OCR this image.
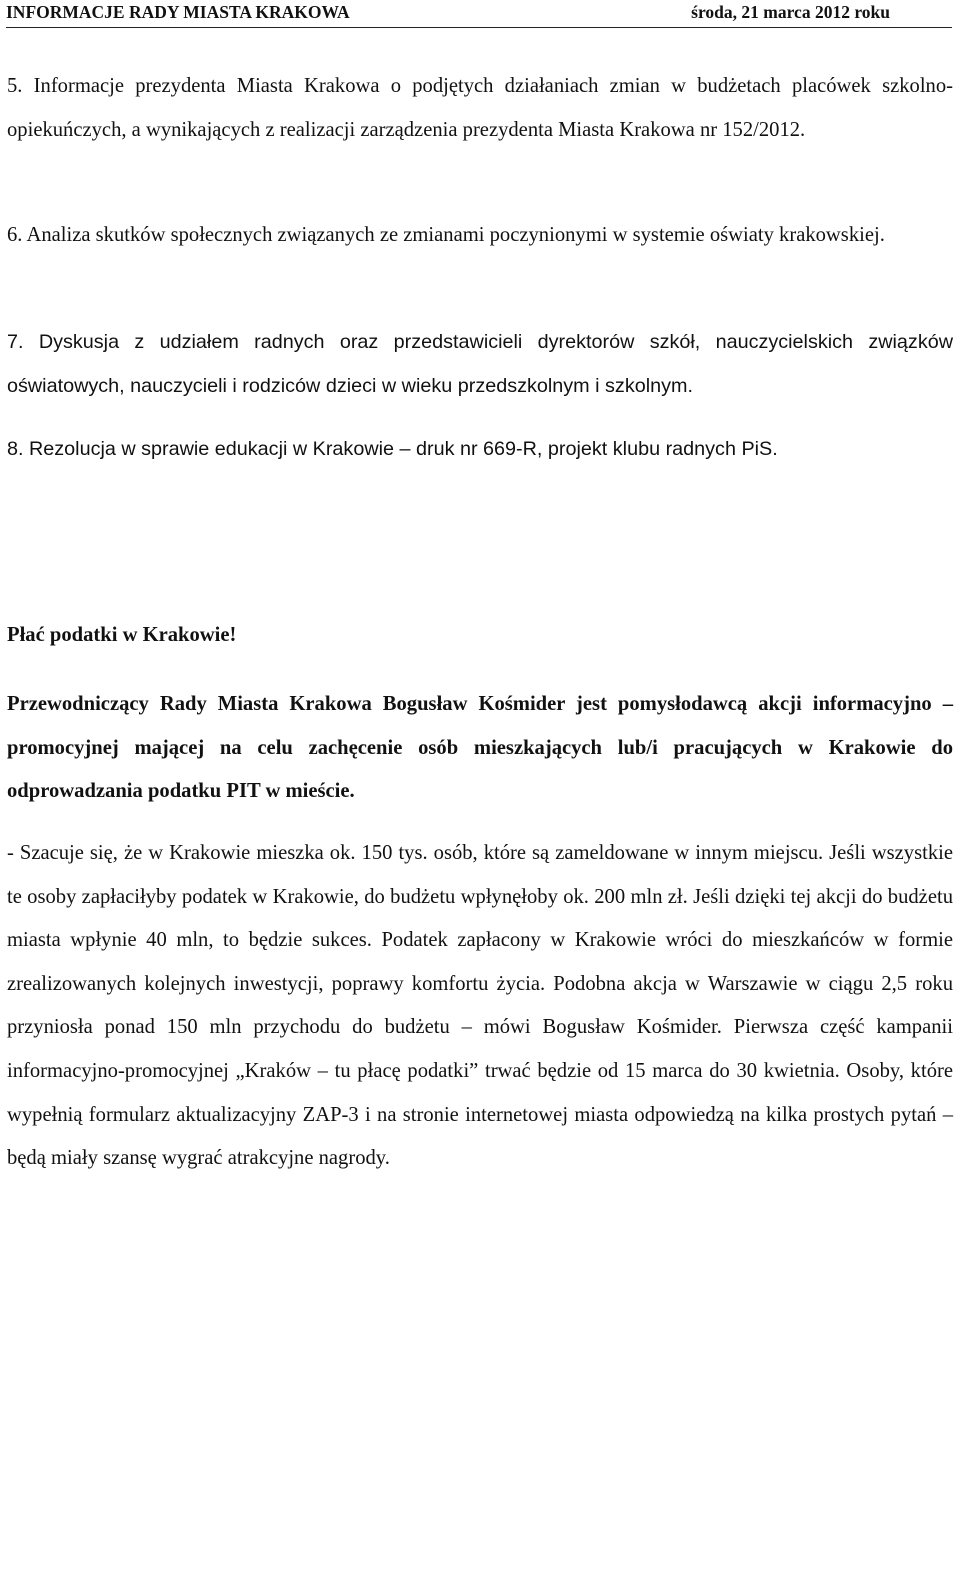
INFORMACJE RADY MIASTA KRAKOWA	środa, 21 marca 2012 roku

5. Informacje prezydenta Miasta Krakowa o podjętych działaniach zmian w budżetach placówek szkolno-opiekuńczych, a wynikających z realizacji zarządzenia prezydenta Miasta Krakowa nr 152/2012.

6. Analiza skutków społecznych związanych ze zmianami poczynionymi w systemie oświaty krakowskiej.

7. Dyskusja z udziałem radnych oraz przedstawicieli dyrektorów szkół, nauczycielskich związków oświatowych, nauczycieli i rodziców dzieci w wieku przedszkolnym i szkolnym.

8. Rezolucja w sprawie edukacji w Krakowie – druk nr 669-R, projekt klubu radnych PiS.

Płać podatki w Krakowie!

Przewodniczący Rady Miasta Krakowa Bogusław Kośmider jest pomysłodawcą akcji informacyjno – promocyjnej mającej na celu zachęcenie osób mieszkających lub/i pracujących w Krakowie do odprowadzania podatku PIT w mieście.

- Szacuje się, że w Krakowie mieszka ok. 150 tys. osób, które są zameldowane w innym miejscu. Jeśli wszystkie te osoby zapłaciłyby podatek w Krakowie, do budżetu wpłynęłoby ok. 200 mln zł. Jeśli dzięki tej akcji do budżetu miasta wpłynie 40 mln, to będzie sukces. Podatek zapłacony w Krakowie wróci do mieszkańców w formie zrealizowanych kolejnych inwestycji, poprawy komfortu życia. Podobna akcja w Warszawie w ciągu 2,5 roku przyniosła ponad 150 mln przychodu do budżetu – mówi Bogusław Kośmider. Pierwsza część kampanii informacyjno-promocyjnej „Kraków – tu płacę podatki” trwać będzie od 15 marca do 30 kwietnia. Osoby, które wypełnią formularz aktualizacyjny ZAP-3 i na stronie internetowej miasta odpowiedzą na kilka prostych pytań – będą miały szansę wygrać atrakcyjne nagrody.
